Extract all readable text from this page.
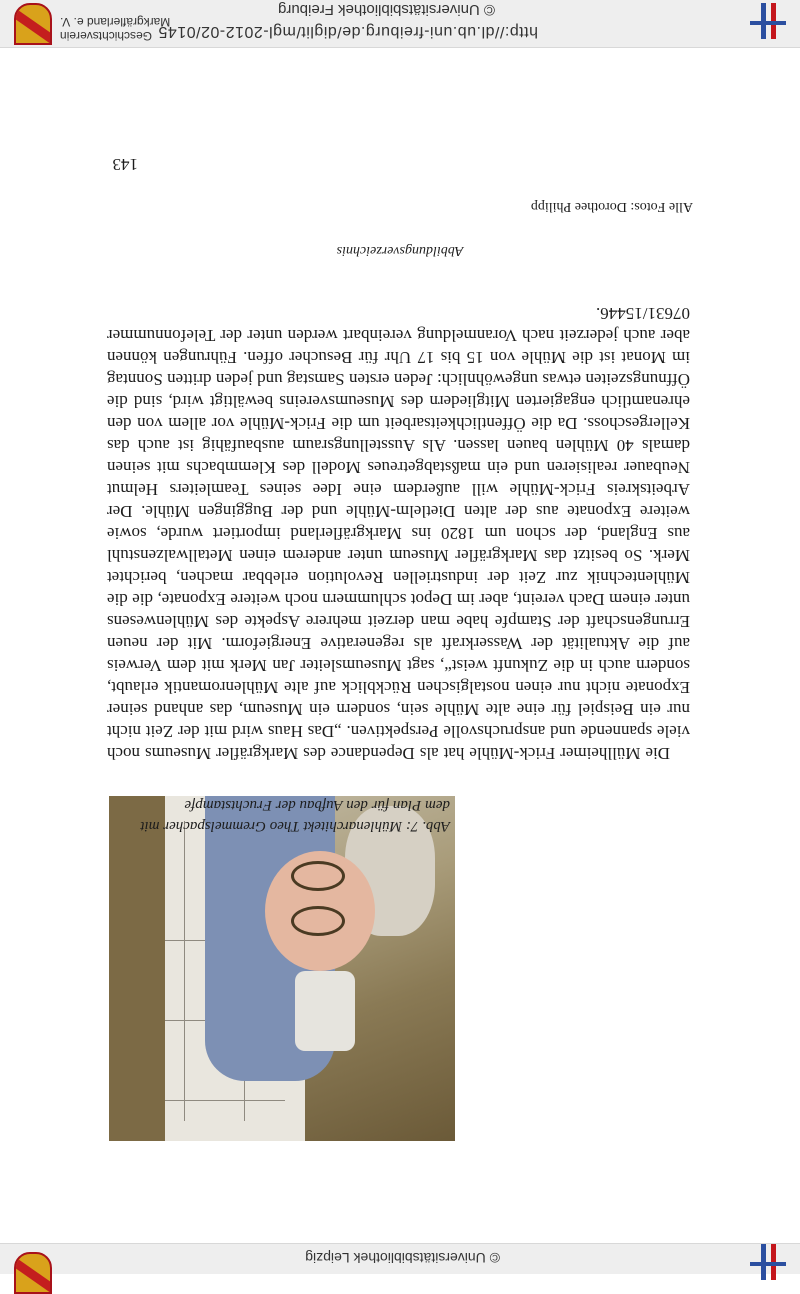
© Universitätsbibliothek Leipzig
Abb. 7: Mühlenarchitekt Theo Gremmelspacher mit dem Plan für den Aufbau der Fruchtstampfe

Die Müllheimer Frick-Mühle hat als Dependance des Markgräfler Museums noch viele spannende und anspruchsvolle Perspektiven. „Das Haus wird mit der Zeit nicht nur ein Beispiel für eine alte Mühle sein, sondern ein Museum, das anhand seiner Exponate nicht nur einen nostalgischen Rückblick auf alte Mühlenromantik erlaubt, sondern auch in die Zukunft weist“, sagt Museumsleiter Jan Merk mit dem Verweis auf die Aktualität der Wasserkraft als regenerative Energieform. Mit der neuen Errungenschaft der Stampfe habe man derzeit mehrere Aspekte des Mühlenwesens unter einem Dach vereint, aber im Depot schlummern noch weitere Exponate, die die Mühlentechnik zur Zeit der industriellen Revolution erlebbar machen, berichtet Merk. So besitzt das Markgräfler Museum unter anderem einen Metallwalzenstuhl aus England, der schon um 1820 ins Markgräflerland importiert wurde, sowie weitere Exponate aus der alten Dietlelm-Mühle und der Buggingen Mühle. Der Arbeitskreis Frick-Mühle will außerdem eine Idee seines Teamleiters Helmut Neubauer realisieren und ein maßstabgetreues Modell des Klemmbachs mit seinen damals 40 Mühlen bauen lassen. Als Ausstellungsraum ausbaufähig ist auch das Kellergeschoss. Da die Öffentlichkeitsarbeit um die Frick-Mühle vor allem von den ehrenamtlich engagierten Mitgliedern des Museumsvereins bewältigt wird, sind die Öffnungszeiten etwas ungewöhnlich: Jeden ersten Samstag und jeden dritten Sonntag im Monat ist die Mühle von 15 bis 17 Uhr für Besucher offen. Führungen können aber auch jederzeit nach Voranmeldung vereinbart werden unter der Telefonnummer 07631/15446.

Abbildungsverzeichnis
Alle Fotos: Dorothee Philipp
143
http://dl.ub.uni-freiburg.de/diglit/mgl-2012-02/0145
© Universitätsbibliothek Freiburg
Geschichtsverein
Markgräflerland e. V.
